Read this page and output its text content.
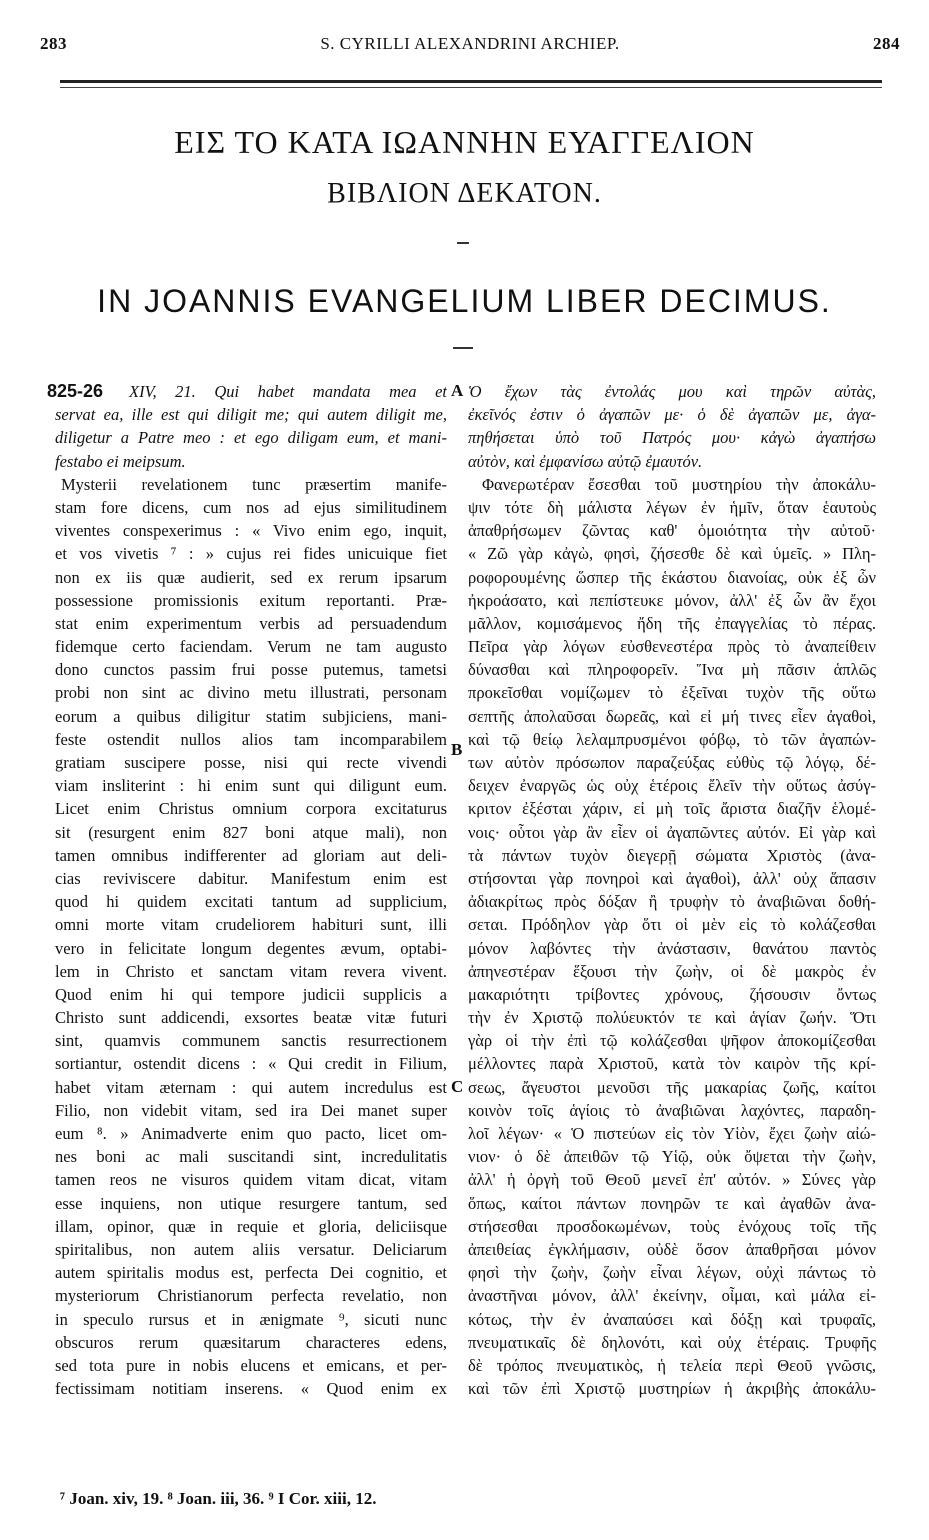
283	S. CYRILLI ALEXANDRINI ARCHIEP.	284
ΕΙΣ ΤΟ ΚΑΤΑ ΙΩΑΝΝΗΝ ΕΥΑΓΓΕΛΙΟΝ
ΒΙΒΛΙΟΝ ΔΕΚΑΤΟΝ.
IN JOANNIS EVANGELIUM LIBER DECIMUS.
825-26	XIV, 21. Qui habet mandata mea et
servat ea, ille est qui diligit me; qui autem diligit me,
diligetur a Patre meo : et ego diligam eum, et mani-
festabo ei meipsum.
Mysterii revelationem tunc præsertim manife-
stam fore dicens, cum nos ad ejus similitudinem
viventes conspexerimus : « Vivo enim ego, inquit,
et vos vivetis ⁷ : » cujus rei fides unicuique fiet
non ex iis quæ audierit, sed ex rerum ipsarum
possessione promissionis exitum reportanti. Præ-
stat enim experimentum verbis ad persuadendum
fidemque certo faciendam. Verum ne tam augusto
dono cunctos passim frui posse putemus, tametsi
probi non sint ac divino metu illustrati, personam
eorum a quibus diligitur statim subjiciens, mani-
feste ostendit nullos alios tam incomparabilem
gratiam suscipere posse, nisi qui recte vivendi
viam insliterint : hi enim sunt qui diligunt eum.
Licet enim Christus omnium corpora excitaturus
sit (resurgent enim 827 boni atque mali), non
tamen omnibus indifferenter ad gloriam aut deli-
cias reviviscere dabitur. Manifestum enim est
quod hi quidem excitati tantum ad supplicium,
omni morte vitam crudeliorem habituri sunt, illi
vero in felicitate longum degentes ævum, optabi-
lem in Christo et sanctam vitam revera vivent.
Quod enim hi qui tempore judicii supplicis a
Christo sunt addicendi, exsortes beatæ vitæ futuri
sint, quamvis communem sanctis resurrectionem
sortiantur, ostendit dicens : « Qui credit in Filium,
habet vitam æternam : qui autem incredulus est
Filio, non videbit vitam, sed ira Dei manet super
eum ⁸. » Animadverte enim quo pacto, licet om-
nes boni ac mali suscitandi sint, incredulitatis
tamen reos ne visuros quidem vitam dicat, vitam
esse inquiens, non utique resurgere tantum, sed
illam, opinor, quæ in requie et gloria, deliciisque
spiritalibus, non autem aliis versatur. Deliciarum
autem spiritalis modus est, perfecta Dei cognitio, et
mysteriorum Christianorum perfecta revelatio, non
in speculo rursus et in ænigmate ⁹, sicuti nunc
obscuros rerum quæsitarum characteres edens,
sed tota pure in nobis elucens et emicans, et per-
fectissimam notitiam inserens. « Quod enim ex
Ὁ ἔχων τὰς ἐντολάς μου καὶ τηρῶν αὐτὰς,
ἐκεῖνός ἐστιν ὁ ἀγαπῶν με· ὁ δὲ ἀγαπῶν με, ἀγα-
πηθήσεται ὑπὸ τοῦ Πατρός μου· κἀγὼ ἀγαπήσω
αὐτὸν, καὶ ἐμφανίσω αὐτῷ ἐμαυτόν.
Φανερωτέραν ἔσεσθαι τοῦ μυστηρίου τὴν ἀποκάλυ-
ψιν τότε δὴ μάλιστα λέγων ἐν ἡμῖν, ὅταν ἑαυτοὺς
ἀπαθρήσωμεν ζῶντας καθ' ὁμοιότητα τὴν αὐτοῦ·
« Ζῶ γὰρ κἀγὼ, φησὶ, ζήσεσθε δὲ καὶ ὑμεῖς. » Πλη-
ροφορουμένης ὥσπερ τῆς ἑκάστου διανοίας, οὐκ ἐξ ὧν
ἠκροάσατο, καὶ πεπίστευκε μόνον, ἀλλ' ἐξ ὧν ἂν ἔχοι
μᾶλλον, κομισάμενος ἤδη τῆς ἐπαγγελίας τὸ πέρας.
Πεῖρα γὰρ λόγων εὐσθενεστέρα πρὸς τὸ ἀναπείθειν
δύνασθαι καὶ πληροφορεῖν. Ἵνα μὴ πᾶσιν ἁπλῶς
προκεῖσθαι νομίζωμεν τὸ ἐξεῖναι τυχὸν τῆς οὕτω
σεπτῆς ἀπολαῦσαι δωρεᾶς, καὶ εἰ μή τινες εἶεν ἀγαθοὶ,
καὶ τῷ θείῳ λελαμπρυσμένοι φόβῳ, τὸ τῶν ἀγαπών-
των αὐτὸν πρόσωπον παραζεύξας εὐθὺς τῷ λόγῳ, δέ-
δειχεν ἐναργῶς ὡς οὐχ ἑτέροις ἔλεῖν τὴν οὕτως ἀσύγ-
κριτον ἐξέσται χάριν, εἰ μὴ τοῖς ἄριστα διαζῆν ἑλομέ-
νοις· οὗτοι γὰρ ἂν εἶεν οἱ ἀγαπῶντες αὐτόν. Εἰ γὰρ καὶ
τὰ πάντων τυχὸν διεγερῇ σώματα Χριστὸς (ἀνα-
στήσονται γὰρ πονηροὶ καὶ ἀγαθοὶ), ἀλλ' οὐχ ἅπασιν
ἀδιακρίτως πρὸς δόξαν ἢ τρυφὴν τὸ ἀναβιῶναι δοθή-
σεται. Πρόδηλον γὰρ ὅτι οἱ μὲν εἰς τὸ κολάζεσθαι
μόνον λαβόντες τὴν ἀνάστασιν, θανάτου παντὸς
ἀπηνεστέραν ἕξουσι τὴν ζωὴν, οἱ δὲ μακρὸς ἐν
μακαριότητι τρίβοντες χρόνους, ζήσουσιν ὄντως
τὴν ἐν Χριστῷ πολύευκτόν τε καὶ ἁγίαν ζωήν. Ὅτι
γὰρ οἱ τὴν ἐπὶ τῷ κολάζεσθαι ψῆφον ἀποκομίζεσθαι
μέλλοντες παρὰ Χριστοῦ, κατὰ τὸν καιρὸν τῆς κρί-
σεως, ἄγευστοι μενοῦσι τῆς μακαρίας ζωῆς, καίτοι
κοινὸν τοῖς ἁγίοις τὸ ἀναβιῶναι λαχόντες, παραδη-
λοῖ λέγων· « Ὁ πιστεύων εἰς τὸν Υἱὸν, ἔχει ζωὴν αἰώ-
νιον· ὁ δὲ ἀπειθῶν τῷ Υἱῷ, οὐκ ὄψεται τὴν ζωὴν,
ἀλλ' ἡ ὀργὴ τοῦ Θεοῦ μενεῖ ἐπ' αὐτόν. » Σύνες γὰρ
ὅπως, καίτοι πάντων πονηρῶν τε καὶ ἀγαθῶν ἀνα-
στήσεσθαι προσδοκωμένων, τοὺς ἐνόχους τοῖς τῆς
ἀπειθείας ἐγκλήμασιν, οὐδὲ ὅσον ἀπαθρῆσαι μόνον
φησὶ τὴν ζωὴν, ζωὴν εἶναι λέγων, οὐχὶ πάντως τὸ
ἀναστῆναι μόνον, ἀλλ' ἐκείνην, οἶμαι, καὶ μάλα εἰ-
κότως, τὴν ἐν ἀναπαύσει καὶ δόξῃ καὶ τρυφαῖς,
πνευματικαῖς δὲ δηλονότι, καὶ οὐχ ἑτέραις. Τρυφῆς
δὲ τρόπος πνευματικὸς, ἡ τελεία περὶ Θεοῦ γνῶσις,
καὶ τῶν ἐπὶ Χριστῷ μυστηρίων ἡ ἀκριβὴς ἀποκάλυ-
A
B
C
⁷ Joan. xiv, 19. ⁸ Joan. iii, 36. ⁹ I Cor. xiii, 12.
